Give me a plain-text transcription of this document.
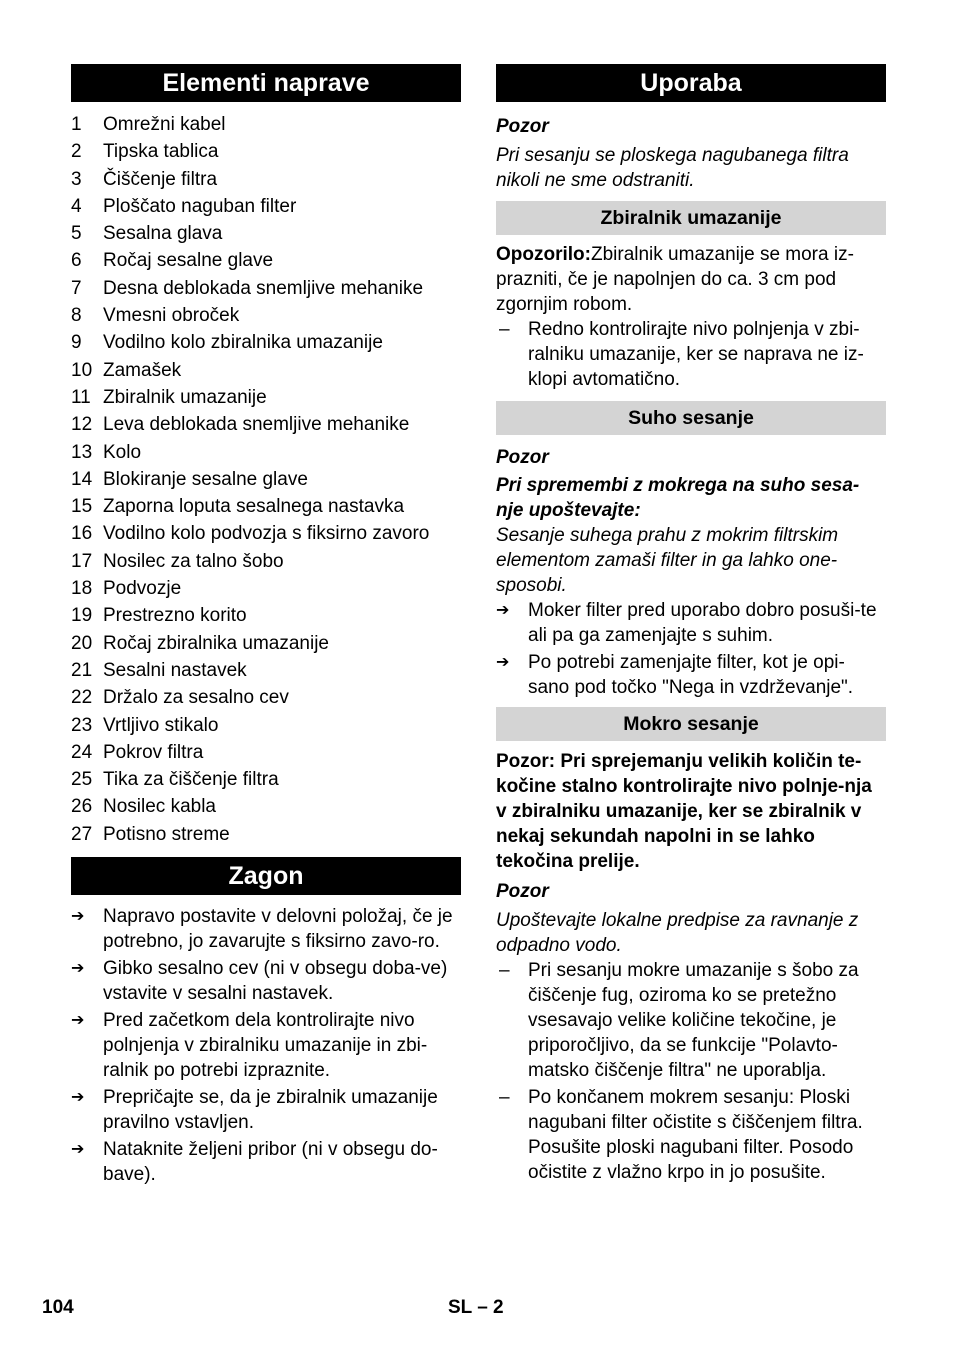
Elementi naprave
1	Omrežni kabel
2	Tipska tablica
3	Čiščenje filtra
4	Ploščato naguban filter
5	Sesalna glava
6	Ročaj sesalne glave
7	Desna deblokada snemljive mehanike
8	Vmesni obroček
9	Vodilno kolo zbiralnika umazanije
10 Zamašek
11 Zbiralnik umazanije
12 Leva deblokada snemljive mehanike
13 Kolo
14 Blokiranje sesalne glave
15 Zaporna loputa sesalnega nastavka
16 Vodilno kolo podvozja s fiksirno zavoro
17 Nosilec za talno šobo
18 Podvozje
19 Prestrezno korito
20 Ročaj zbiralnika umazanije
21 Sesalni nastavek
22 Držalo za sesalno cev
23 Vrtljivo stikalo
24 Pokrov filtra
25 Tika za čiščenje filtra
26 Nosilec kabla
27 Potisno streme
Zagon
➔ Napravo postavite v delovni položaj, če je potrebno, jo zavarujte s fiksirno zavo-ro.
➔ Gibko sesalno cev (ni v obsegu doba-ve) vstavite v sesalni nastavek.
➔ Pred začetkom dela kontrolirajte nivo polnjenja v zbiralniku umazanije in zbi-ralnik po potrebi izpraznite.
➔ Prepričajte se, da je zbiralnik umazanije pravilno vstavljen.
➔ Nataknite željeni pribor (ni v obsegu do-bave).
Uporaba
Pozor
Pri sesanju se ploskega nagubanega filtra nikoli ne sme odstraniti.
Zbiralnik umazanije
Opozorilo:Zbiralnik umazanije se mora iz-prazniti, če je napolnjen do ca. 3 cm pod zgornjim robom.
– Redno kontrolirajte nivo polnjenja v zbi-ralniku umazanije, ker se naprava ne iz-klopi avtomatično.
Suho sesanje
Pozor
Pri spremembi z mokrega na suho sesa-nje upoštevajte:
Sesanje suhega prahu z mokrim filtrskim elementom zamaši filter in ga lahko one-sposobi.
➔ Moker filter pred uporabo dobro posuši-te ali pa ga zamenjajte s suhim.
➔ Po potrebi zamenjajte filter, kot je opi-sano pod točko "Nega in vzdrževanje".
Mokro sesanje
Pozor: Pri sprejemanju velikih količin te-kočine stalno kontrolirajte nivo polnje-nja v zbiralniku umazanije, ker se zbiralnik v nekaj sekundah napolni in se lahko tekočina prelije.
Pozor
Upoštevajte lokalne predpise za ravnanje z odpadno vodo.
– Pri sesanju mokre umazanije s šobo za čiščenje fug, oziroma ko se pretežno vsesavajo velike količine tekočine, je priporočljivo, da se funkcije "Polavto-matsko čiščenje filtra" ne uporablja.
– Po končanem mokrem sesanju: Ploski nagubani filter očistite s čiščenjem filtra. Posušite ploski nagubani filter. Posodo očistite z vlažno krpo in jo posušite.
104	SL – 2
